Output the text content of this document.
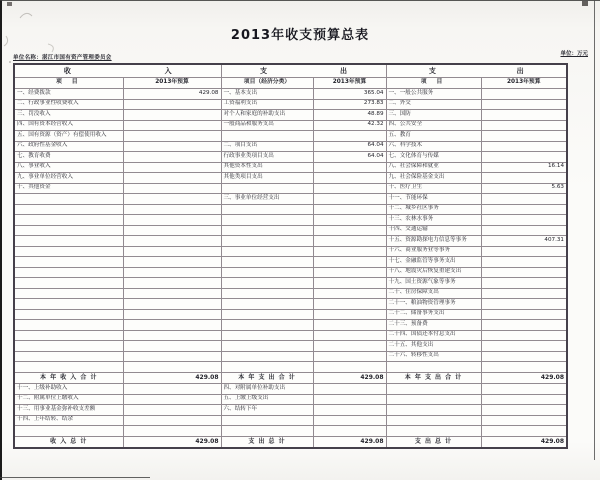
2013年收支预算总表
单位名称：湛江市国有资产管理委员会
单位：万元
收 入		支 出		支 出	

项 目	2013年预算	项目（经济分类）	2013年预算	项 目	2013年预算
一、经费拨款	429.08	一、基本支出	365.04	一、一般公共服务	
二、行政事业性收费收入		工资福利支出	273.83	二、外交	
三、罚没收入		对个人和家庭的补助支出	48.89	三、国防	
四、国有资本经营收入		一般商品和服务支出	42.32	四、公共安全	
五、国有资源（资产）有偿使用收入				五、教育	
六、政府性基金收入		二、项目支出	64.04	六、科学技术	
七、教育收费		行政事业类项目支出	64.04	七、文化体育与传媒	
八、事业收入		其他资本性支出		八、社会保障和就业	16.14
九、事业单位经营收入		其他类项目支出		九、社会保险基金支出	
十、其他资金				十、医疗卫生	5.63
		三、事业单位经营支出		十一、节能环保	
				十二、城乡社区事务	
				十三、农林水事务	
				十四、交通运输	
				十五、资源勘探电力信息等事务	407.31
				十六、商业服务业等事务	
				十七、金融监管等事务支出	
				十八、地震灾后恢复重建支出	
				十九、国土资源气象等事务	
				二十、住房保障支出	
				二十一、粮油物资管理事务	
				二十二、储备事务支出	
				二十三、预备费	
				二十四、国债还本付息支出	
				二十五、其他支出	
				二十六、转移性支出	

本 年 收 入 合 计	429.08	本 年 支 出 合 计	429.08	本 年 支 出 合 计	429.08
十一、上级补助收入		四、对附属单位补助支出			
十二、附属单位上缴收入		五、上缴上级支出			
十三、用事业基金弥补收支差额		六、结转下年			
十四、上年结转、结余					

收 入 总 计	429.08	支 出 总 计	429.08	支 出 总 计	429.08
